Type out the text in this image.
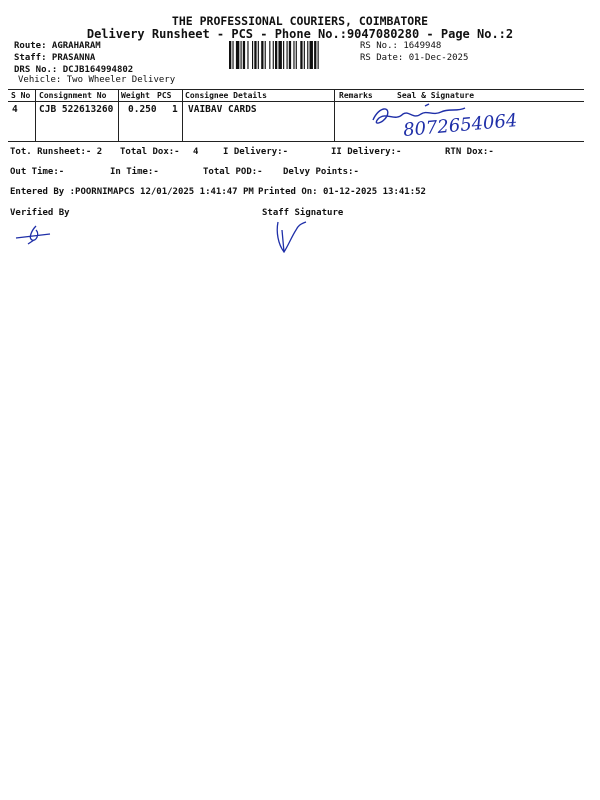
THE PROFESSIONAL COURIERS, COIMBATORE
Delivery Runsheet - PCS - Phone No.:9047080280 - Page No.:2
Route: AGRAHARAM
Staff: PRASANNA
DRS No.: DCJB164994802
Vehicle: Two Wheeler Delivery
RS No.: 1649948
RS Date: 01-Dec-2025
S No Consignment No Weight PCS Consignee Details	Remarks	Seal & Signature
4 CJB 522613260 0.250 1 VAIBAV CARDS
8072654064
Tot. Runsheet:- 2 Total Dox:- 4	I Delivery:-	II Delivery:-	RTN Dox:-
Out Time:-	In Time:-	Total POD:- Delvy Points:-
Entered By :POORNIMAPCS 12/01/2025 1:41:47 PM Printed On: 01-12-2025 13:41:52
Verified By	Staff Signature
